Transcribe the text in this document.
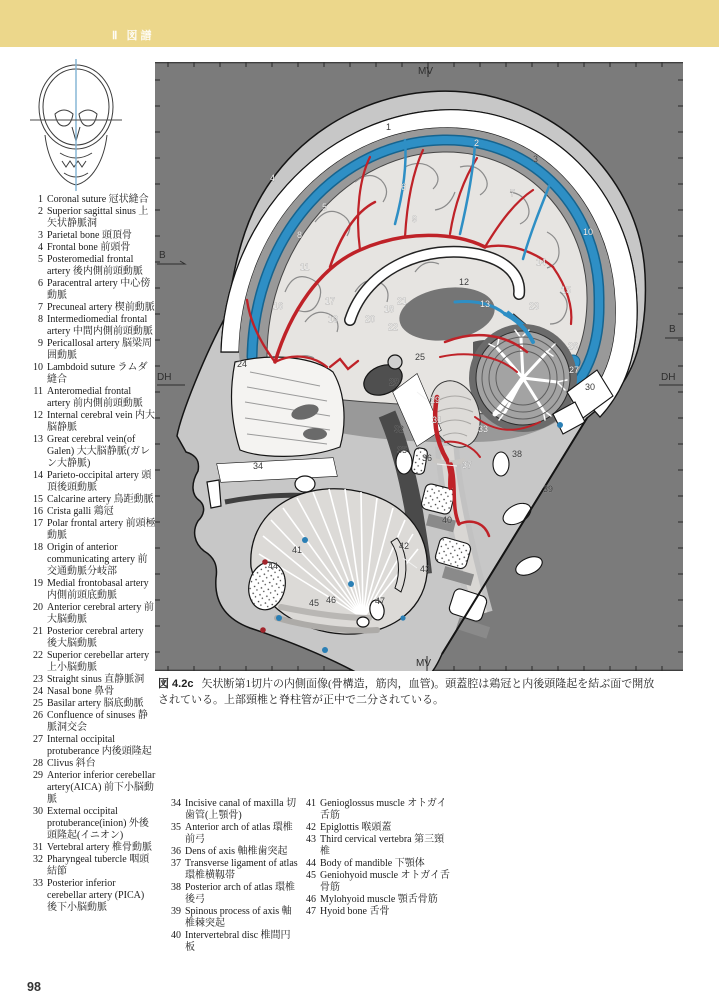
Ⅱ 図譜
MV
MV
B
DH
B
DH
1
2
3
4
5
6
7
8
9
10
11
12
13
14
15
16	17
18
19	20
21
22
23
24
25
26
27
28
29
30
31
32	33
34
35
36
37
38
39
40
41	42
43
44
45 46	47
図 4.2c 矢状断第1切片の内側面像(骨構造，筋肉，血管)。頭蓋腔は鶏冠と内後頭隆起を結ぶ面で開放されている。上部頸椎と脊柱管が正中で二分されている。
1 Coronal suture 冠状縫合
2 Superior sagittal sinus 上矢状静脈洞
3 Parietal bone 頭頂骨
4 Frontal bone 前頭骨
5 Posteromedial frontal artery 後内側前頭動脈
6 Paracentral artery 中心傍動脈
7 Precuneal artery 楔前動脈
8 Intermediomedial frontal artery 中間内側前頭動脈
9 Pericallosal artery 脳梁周囲動脈
10 Lambdoid suture ラムダ縫合
11 Anteromedial frontal artery 前内側前頭動脈
12 Internal cerebral vein 内大脳静脈
13 Great cerebral vein(of Galen) 大大脳静脈(ガレン大静脈)
14 Parieto-occipital artery 頭頂後頭動脈
15 Calcarine artery 鳥距動脈
16 Crista galli 鶏冠
17 Polar frontal artery 前頭極動脈
18 Origin of anterior communicating artery 前交通動脈分岐部
19 Medial frontobasal artery 内側前頭底動脈
20 Anterior cerebral artery 前大脳動脈
21 Posterior cerebral artery 後大脳動脈
22 Superior cerebellar artery 上小脳動脈
23 Straight sinus 直静脈洞
24 Nasal bone 鼻骨
25 Basilar artery 脳底動脈
26 Confluence of sinuses 静脈洞交会
27 Internal occipital protuberance 内後頭隆起
28 Clivus 斜台
29 Anterior inferior cerebellar artery(AICA) 前下小脳動脈
30 External occipital protuberance(inion) 外後頭隆起(イニオン)
31 Vertebral artery 椎骨動脈
32 Pharyngeal tubercle 咽頭結節
33 Posterior inferior cerebellar artery (PICA) 後下小脳動脈
34 Incisive canal of maxilla 切歯管(上顎骨)
35 Anterior arch of atlas 環椎前弓
36 Dens of axis 軸椎歯突起
37 Transverse ligament of atlas 環椎横靱帯
38 Posterior arch of atlas 環椎後弓
39 Spinous process of axis 軸椎棘突起
40 Intervertebral disc 椎間円板
41 Genioglossus muscle オトガイ舌筋
42 Epiglottis 喉頭蓋
43 Third cervical vertebra 第三頸椎
44 Body of mandible 下顎体
45 Geniohyoid muscle オトガイ舌骨筋
46 Mylohyoid muscle 顎舌骨筋
47 Hyoid bone 舌骨
98
